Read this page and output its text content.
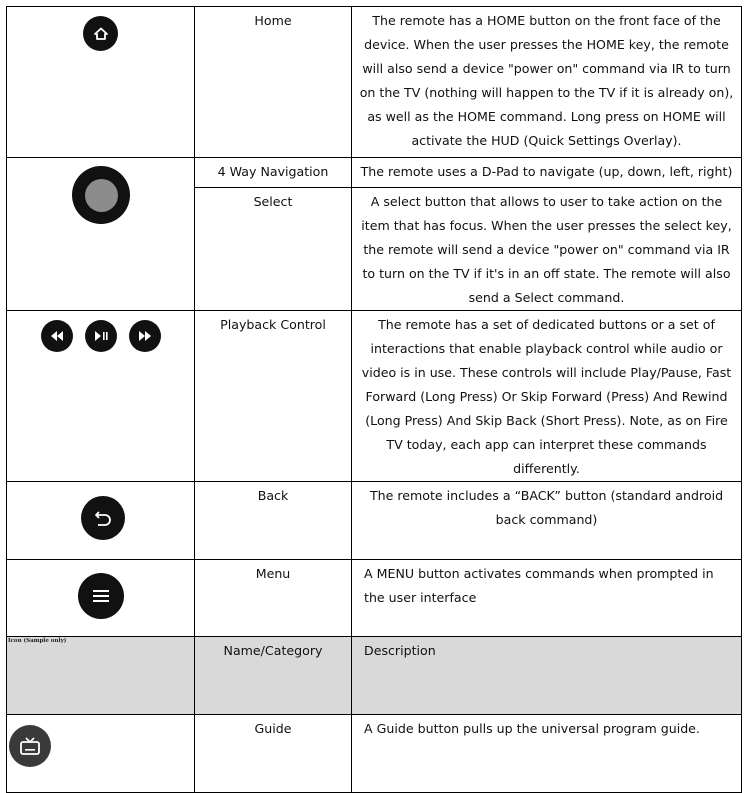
	Home	The remote has a HOME button on the front face of the device. When the user presses the HOME key, the remote will also send a device "power on" command via IR to turn on the TV (nothing will happen to the TV if it is already on), as well as the HOME command. Long press on HOME will activate the HUD (Quick Settings Overlay).

	4 Way Navigation	The remote uses a D-Pad to navigate (up, down, left, right)
	Select	A select button that allows to user to take action on the item that has focus. When the user presses the select key, the remote will send a device "power on" command via IR to turn on the TV if it's in an off state. The remote will also send a Select command.

	Playback Control	The remote has a set of dedicated buttons or a set of interactions that enable playback control while audio or video is in use. These controls will include Play/Pause, Fast Forward (Long Press) Or Skip Forward (Press) And Rewind (Long Press) And Skip Back (Short Press). Note, as on Fire TV today, each app can interpret these commands differently.

	Back	The remote includes a “BACK” button (standard android back command)

	Menu	A MENU button activates commands when prompted in the user interface

Icon (Sample only)	Name/Category	Description

	Guide	A Guide button pulls up the universal program guide.
